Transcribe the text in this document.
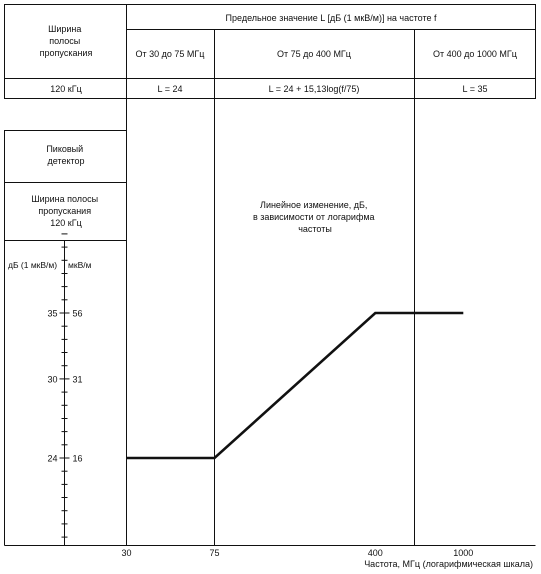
Ширина полосы пропускания
Предельное значение L [дБ (1 мкВ/м)] на частоте f
От 30 до 75 МГц	От 75 до 400 МГц	От 400 до 1000 МГц
120 кГц	L = 24	L = 24 + 15,13log(f/75)	L = 35
Пиковый детектор
Ширина полосы пропускания 120 кГц
Линейное изменение, дБ, в зависимости от логарифма частоты
дБ (1 мкВ/м) мкВ/м
35 56
30 31
24 16
30	75	400	1000
Частота, МГц (логарифмическая шкала)
